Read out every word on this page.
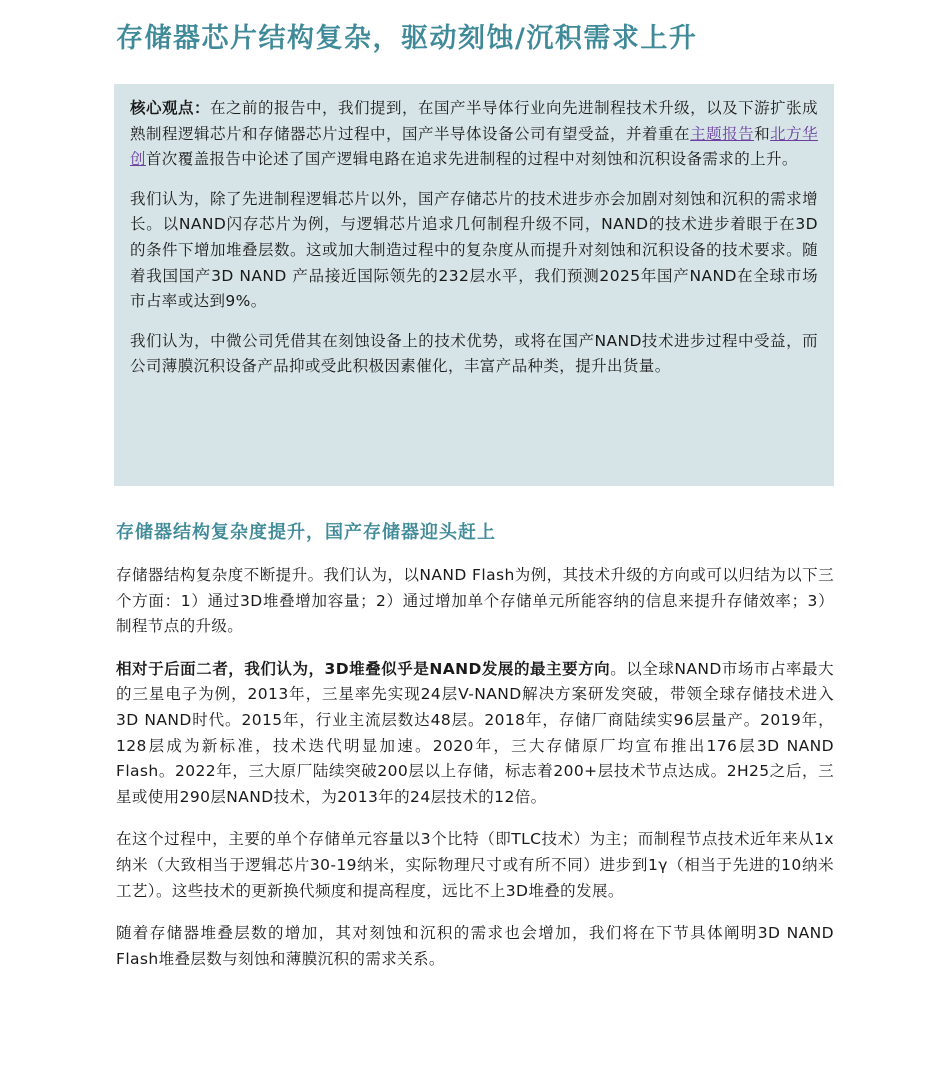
存储器芯片结构复杂，驱动刻蚀/沉积需求上升

核心观点：在之前的报告中，我们提到，在国产半导体行业向先进制程技术升级，以及下游扩张成熟制程逻辑芯片和存储器芯片过程中，国产半导体设备公司有望受益，并着重在主题报告和北方华创首次覆盖报告中论述了国产逻辑电路在追求先进制程的过程中对刻蚀和沉积设备需求的上升。

我们认为，除了先进制程逻辑芯片以外，国产存储芯片的技术进步亦会加剧对刻蚀和沉积的需求增长。以NAND闪存芯片为例，与逻辑芯片追求几何制程升级不同，NAND的技术进步着眼于在3D的条件下增加堆叠层数。这或加大制造过程中的复杂度从而提升对刻蚀和沉积设备的技术要求。随着我国国产3D NAND 产品接近国际领先的232层水平，我们预测2025年国产NAND在全球市场市占率或达到9%。

我们认为，中微公司凭借其在刻蚀设备上的技术优势，或将在国产NAND技术进步过程中受益，而公司薄膜沉积设备产品抑或受此积极因素催化，丰富产品种类，提升出货量。

存储器结构复杂度提升，国产存储器迎头赶上

存储器结构复杂度不断提升。我们认为，以NAND Flash为例，其技术升级的方向或可以归结为以下三个方面：1）通过3D堆叠增加容量；2）通过增加单个存储单元所能容纳的信息来提升存储效率；3）制程节点的升级。

相对于后面二者，我们认为，3D堆叠似乎是NAND发展的最主要方向。以全球NAND市场市占率最大的三星电子为例，2013年，三星率先实现24层V-NAND解决方案研发突破，带领全球存储技术进入3D NAND时代。2015年，行业主流层数达48层。2018年，存储厂商陆续实96层量产。2019年，128层成为新标准，技术迭代明显加速。2020年，三大存储原厂均宣布推出176层3D NAND Flash。2022年，三大原厂陆续突破200层以上存储，标志着200+层技术节点达成。2H25之后，三星或使用290层NAND技术，为2013年的24层技术的12倍。

在这个过程中，主要的单个存储单元容量以3个比特（即TLC技术）为主；而制程节点技术近年来从1x 纳米（大致相当于逻辑芯片30-19纳米，实际物理尺寸或有所不同）进步到1γ（相当于先进的10纳米工艺）。这些技术的更新换代频度和提高程度，远比不上3D堆叠的发展。

随着存储器堆叠层数的增加，其对刻蚀和沉积的需求也会增加，我们将在下节具体阐明3D NAND Flash堆叠层数与刻蚀和薄膜沉积的需求关系。
